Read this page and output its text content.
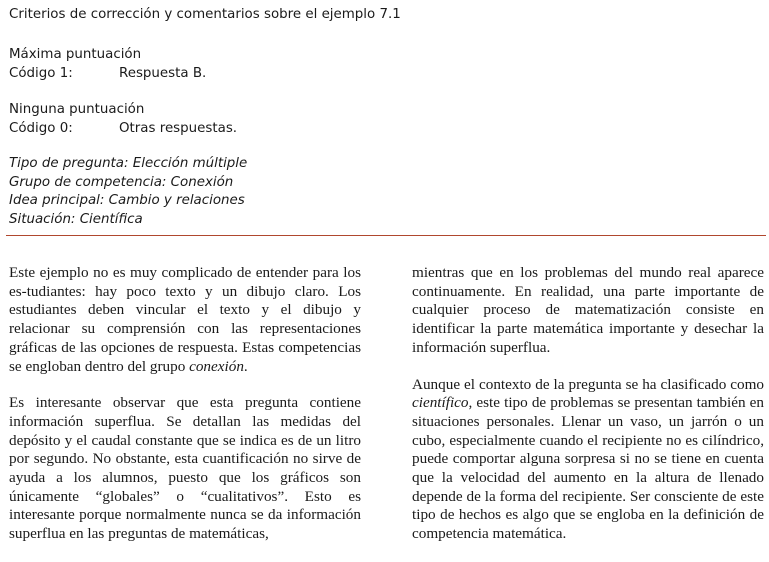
Criterios de corrección y comentarios sobre el ejemplo 7.1
Máxima puntuación
Código 1:	Respuesta B.
Ninguna puntuación
Código 0:	Otras respuestas.
Tipo de pregunta: Elección múltiple
Grupo de competencia: Conexión
Idea principal: Cambio y relaciones
Situación: Científica

Este ejemplo no es muy complicado de entender para los es-tudiantes: hay poco texto y un dibujo claro. Los estudiantes deben vincular el texto y el dibujo y relacionar su comprensión con las representaciones gráficas de las opciones de respuesta. Estas competencias se engloban dentro del grupo conexión.

Es interesante observar que esta pregunta contiene información superflua. Se detallan las medidas del depósito y el caudal constante que se indica es de un litro por segundo. No obstante, esta cuantificación no sirve de ayuda a los alumnos, puesto que los gráficos son únicamente “globales” o “cualitativos”. Esto es interesante porque normalmente nunca se da información superflua en las preguntas de matemáticas,

mientras que en los problemas del mundo real aparece continuamente. En realidad, una parte importante de cualquier proceso de matematización consiste en identificar la parte matemática importante y desechar la información superflua.

Aunque el contexto de la pregunta se ha clasificado como científico, este tipo de problemas se presentan también en situaciones personales. Llenar un vaso, un jarrón o un cubo, especialmente cuando el recipiente no es cilíndrico, puede comportar alguna sorpresa si no se tiene en cuenta que la velocidad del aumento en la altura de llenado depende de la forma del recipiente. Ser consciente de este tipo de hechos es algo que se engloba en la definición de competencia matemática.
